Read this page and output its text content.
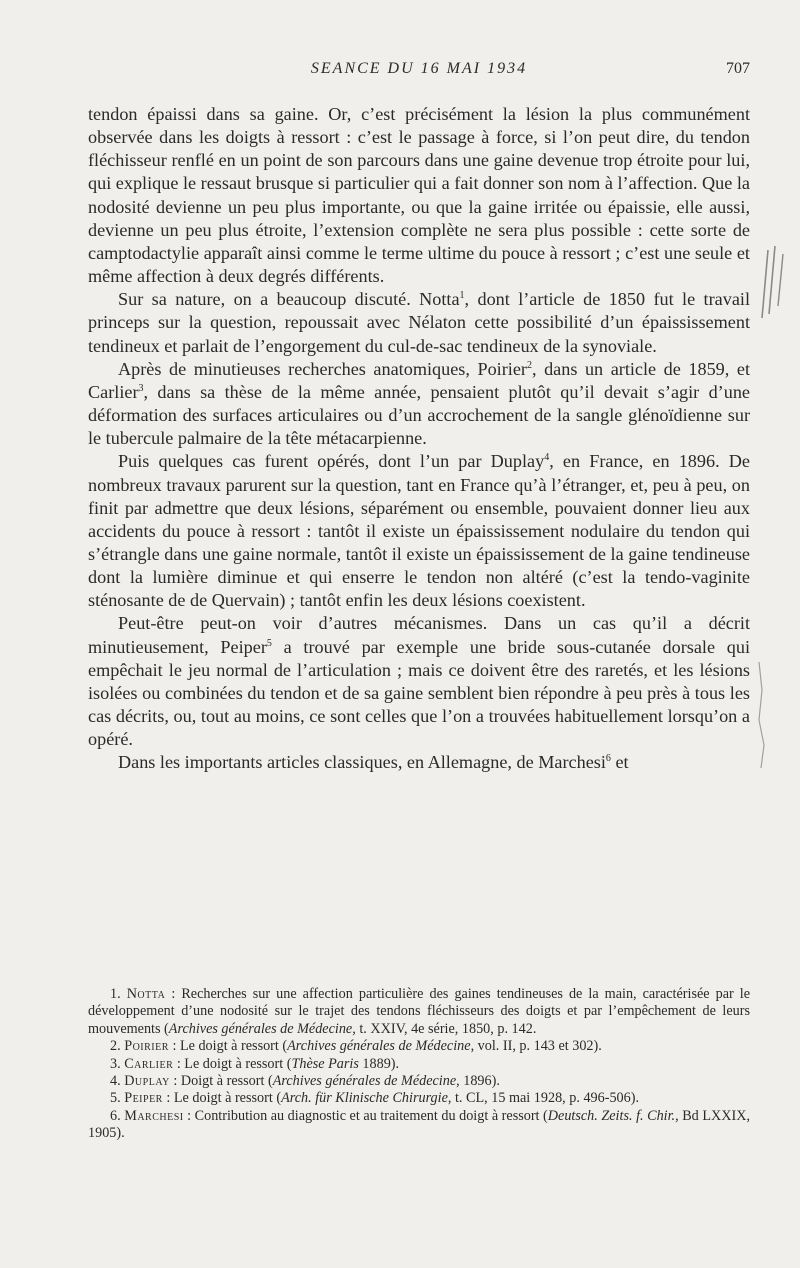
SEANCE DU 16 MAI 1934	707

tendon épaissi dans sa gaine. Or, c’est précisément la lésion la plus communément observée dans les doigts à ressort : c’est le passage à force, si l’on peut dire, du tendon fléchisseur renflé en un point de son parcours dans une gaine devenue trop étroite pour lui, qui explique le ressaut brusque si particulier qui a fait donner son nom à l’affection. Que la nodosité devienne un peu plus importante, ou que la gaine irritée ou épaissie, elle aussi, devienne un peu plus étroite, l’extension complète ne sera plus possible : cette sorte de camptodactylie apparaît ainsi comme le terme ultime du pouce à ressort ; c’est une seule et même affection à deux degrés différents.

Sur sa nature, on a beaucoup discuté. Notta$^1$, dont l’article de 1850 fut le travail princeps sur la question, repoussait avec Nélaton cette possibilité d’un épaississement tendineux et parlait de l’engorgement du cul-de-sac tendineux de la synoviale.

Après de minutieuses recherches anatomiques, Poirier$^2$, dans un article de 1859, et Carlier$^3$, dans sa thèse de la même année, pensaient plutôt qu’il devait s’agir d’une déformation des surfaces articulaires ou d’un accrochement de la sangle glénoïdienne sur le tubercule palmaire de la tête métacarpienne.

Puis quelques cas furent opérés, dont l’un par Duplay$^4$, en France, en 1896. De nombreux travaux parurent sur la question, tant en France qu’à l’étranger, et, peu à peu, on finit par admettre que deux lésions, séparément ou ensemble, pouvaient donner lieu aux accidents du pouce à ressort : tantôt il existe un épaississement nodulaire du tendon qui s’étrangle dans une gaine normale, tantôt il existe un épaississement de la gaine tendineuse dont la lumière diminue et qui enserre le tendon non altéré (c’est la tendo-vaginite sténosante de de Quervain) ; tantôt enfin les deux lésions coexistent.

Peut-être peut-on voir d’autres mécanismes. Dans un cas qu’il a décrit minutieusement, Peiper$^5$ a trouvé par exemple une bride sous-cutanée dorsale qui empêchait le jeu normal de l’articulation ; mais ce doivent être des raretés, et les lésions isolées ou combinées du tendon et de sa gaine semblent bien répondre à peu près à tous les cas décrits, ou, tout au moins, ce sont celles que l’on a trouvées habituellement lorsqu’on a opéré.

Dans les importants articles classiques, en Allemagne, de Marchesi$^6$ et

1. Notta : Recherches sur une affection particulière des gaines tendineuses de la main, caractérisée par le développement d’une nodosité sur le trajet des tendons fléchisseurs des doigts et par l’empêchement de leurs mouvements (Archives générales de Médecine, t. XXIV, 4e série, 1850, p. 142.

2. Poirier : Le doigt à ressort (Archives générales de Médecine, vol. II, p. 143 et 302).

3. Carlier : Le doigt à ressort (Thèse Paris 1889).

4. Duplay : Doigt à ressort (Archives générales de Médecine, 1896).

5. Peiper : Le doigt à ressort (Arch. für Klinische Chirurgie, t. CL, 15 mai 1928, p. 496-506).

6. Marchesi : Contribution au diagnostic et au traitement du doigt à ressort (Deutsch. Zeits. f. Chir., Bd LXXIX, 1905).
